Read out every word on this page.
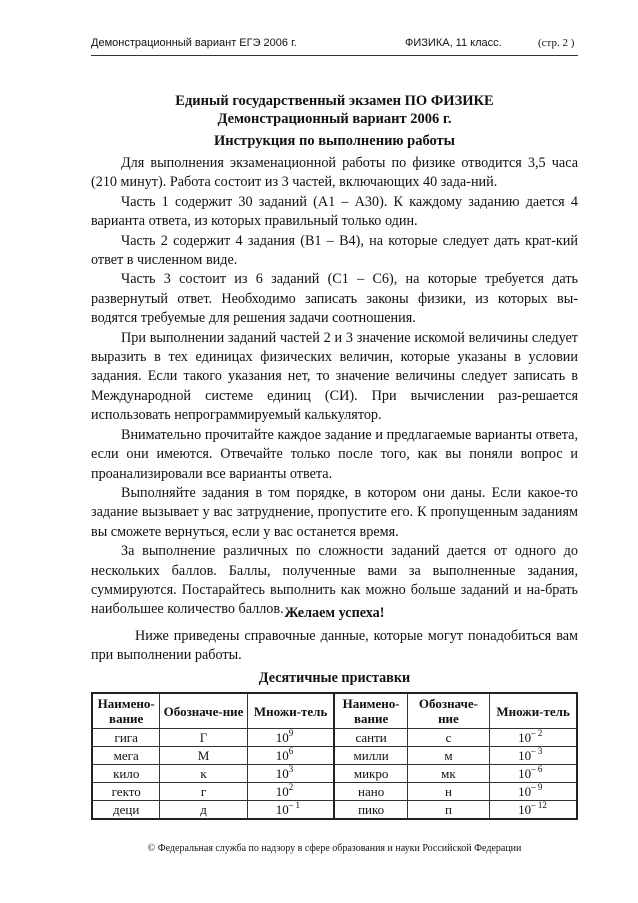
Демонстрационный вариант ЕГЭ 2006 г.	ФИЗИКА, 11 класс.	(стр. 2 )
Единый государственный экзамен ПО ФИЗИКЕ
Демонстрационный вариант 2006 г.
Инструкция по выполнению работы

Для выполнения экзаменационной работы по физике отводится 3,5 часа (210 минут). Работа состоит из 3 частей, включающих 40 зада-ний.

Часть 1 содержит 30 заданий (А1 – А30). К каждому заданию дается 4 варианта ответа, из которых правильный только один.

Часть 2 содержит 4 задания (В1 – В4), на которые следует дать крат-кий ответ в численном виде.

Часть 3 состоит из 6 заданий (С1 – С6), на которые требуется дать развернутый ответ. Необходимо записать законы физики, из которых вы-водятся требуемые для решения задачи соотношения.

При выполнении заданий частей 2 и 3 значение искомой величины следует выразить в тех единицах физических величин, которые указаны в условии задания. Если такого указания нет, то значение величины следует записать в Международной системе единиц (СИ). При вычислении раз-решается использовать непрограммируемый калькулятор.

Внимательно прочитайте каждое задание и предлагаемые варианты ответа, если они имеются. Отвечайте только после того, как вы поняли вопрос и проанализировали все варианты ответа.

Выполняйте задания в том порядке, в котором они даны. Если какое-то задание вызывает у вас затруднение, пропустите его. К пропущенным заданиям вы сможете вернуться, если у вас останется время.

За выполнение различных по сложности заданий дается от одного до нескольких баллов. Баллы, полученные вами за выполненные задания, суммируются. Постарайтесь выполнить как можно больше заданий и на-брать наибольшее количество баллов. Желаем успеха!

Ниже приведены справочные данные, которые могут понадобиться вам при выполнении работы.

Десятичные приставки
Наимено-вание	Обозначе-ние	Множи-тель	Наимено-вание	Обозначе-ние	Множи-тель
гига	Г	$10^9$	санти	с	$10^{- 2}$
мега	М	$10^6$	милли	м	$10^{- 3}$
кило	к	$10^3$	микро	мк	$10^{- 6}$
гекто	г	$10^2$	нано	н	$10^{- 9}$
деци	д	$10^{- 1}$	пико	п	$10^{- 12}$
© Федеральная служба по надзору в сфере образования и науки Российской Федерации
